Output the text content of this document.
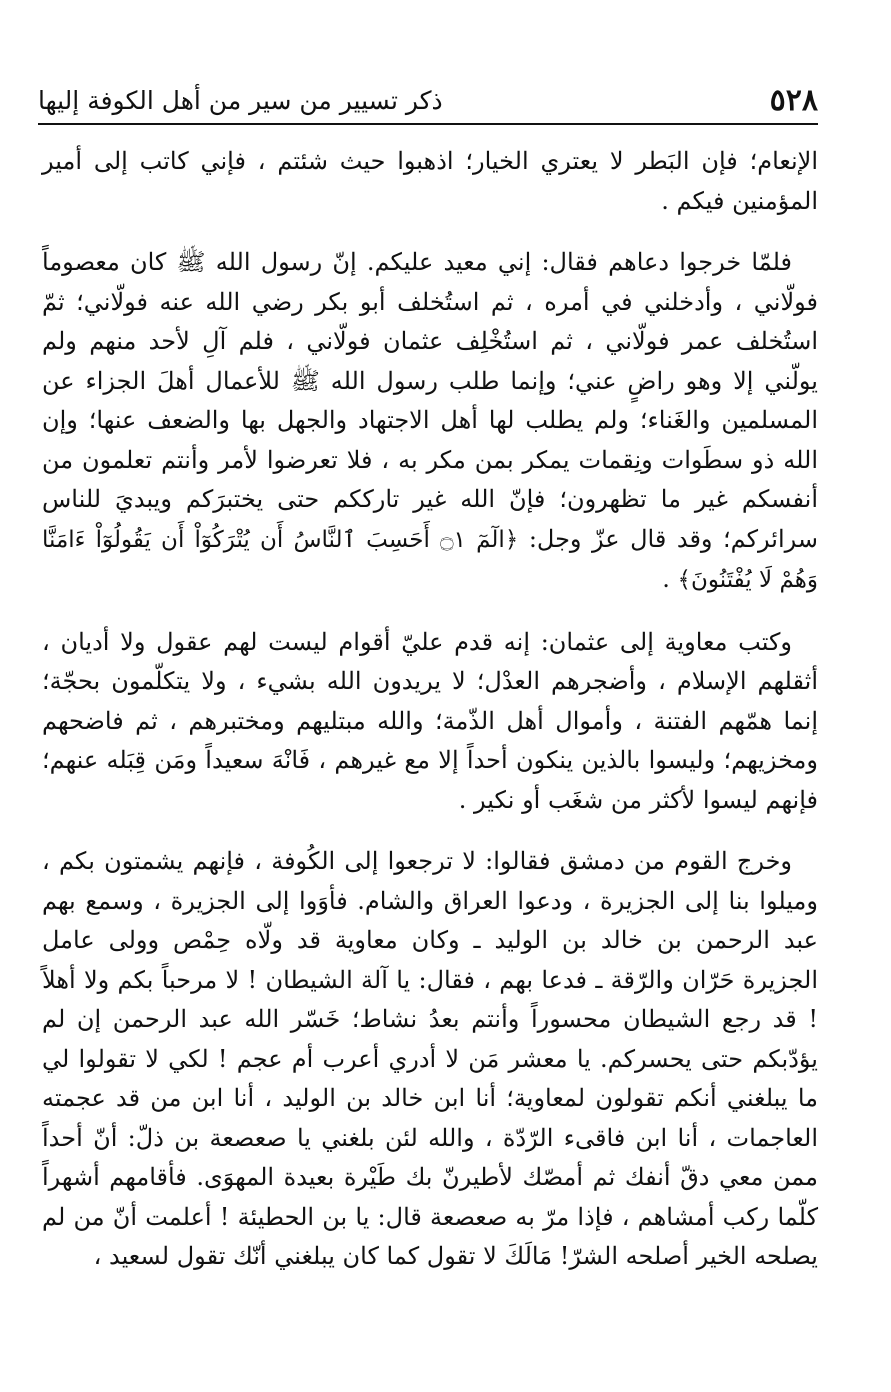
٥٢٨
ذكر تسيير من سير من أهل الكوفة إليها

الإنعام؛ فإن البَطر لا يعتري الخيار؛ اذهبوا حيث شئتم ، فإني كاتب إلى أمير المؤمنين فيكم .

فلمّا خرجوا دعاهم فقال: إني معيد عليكم. إنّ رسول الله ﷺ كان معصوماً فولّاني ، وأدخلني في أمره ، ثم استُخلف أبو بكر رضي الله عنه فولّاني؛ ثمّ استُخلف عمر فولّاني ، ثم استُخْلِف عثمان فولّاني ، فلم آلِ لأحد منهم ولم يولّني إلا وهو راضٍ عني؛ وإنما طلب رسول الله ﷺ للأعمال أهلَ الجزاء عن المسلمين والغَناء؛ ولم يطلب لها أهل الاجتهاد والجهل بها والضعف عنها؛ وإن الله ذو سطَوات ونِقمات يمكر بمن مكر به ، فلا تعرضوا لأمر وأنتم تعلمون من أنفسكم غير ما تظهرون؛ فإنّ الله غير تارككم حتى يختبرَكم ويبديَ للناس سرائركم؛ وقد قال عزّ وجل: ﴿الٓمٓ ۝١ أَحَسِبَ ٱلنَّاسُ أَن يُتْرَكُوٓاْ أَن يَقُولُوٓاْ ءَامَنَّا وَهُمْ لَا يُفْتَنُونَ﴾ .

وكتب معاوية إلى عثمان: إنه قدم عليّ أقوام ليست لهم عقول ولا أديان ، أثقلهم الإسلام ، وأضجرهم العدْل؛ لا يريدون الله بشيء ، ولا يتكلّمون بحجّة؛ إنما همّهم الفتنة ، وأموال أهل الذّمة؛ والله مبتليهم ومختبرهم ، ثم فاضحهم ومخزيهم؛ وليسوا بالذين ينكون أحداً إلا مع غيرهم ، فَانْهَ سعيداً ومَن قِبَله عنهم؛ فإنهم ليسوا لأكثر من شغَب أو نكير .

وخرج القوم من دمشق فقالوا: لا ترجعوا إلى الكُوفة ، فإنهم يشمتون بكم ، وميلوا بنا إلى الجزيرة ، ودعوا العراق والشام. فأوَوا إلى الجزيرة ، وسمع بهم عبد الرحمن بن خالد بن الوليد ـ وكان معاوية قد ولّاه حِمْص وولى عامل الجزيرة حَرّان والرّقة ـ فدعا بهم ، فقال: يا آلة الشيطان ! لا مرحباً بكم ولا أهلاً ! قد رجع الشيطان محسوراً وأنتم بعدُ نشاط؛ خَسّر الله عبد الرحمن إن لم يؤدّبكم حتى يحسركم. يا معشر مَن لا أدري أعرب أم عجم ! لكي لا تقولوا لي ما يبلغني أنكم تقولون لمعاوية؛ أنا ابن خالد بن الوليد ، أنا ابن من قد عجمته العاجمات ، أنا ابن فاقىء الرّدّة ، والله لئن بلغني يا صعصعة بن ذلّ: أنّ أحداً ممن معي دقّ أنفك ثم أمصّك لأطيرنّ بك طَيْرة بعيدة المهوَى. فأقامهم أشهراً كلّما ركب أمشاهم ، فإذا مرّ به صعصعة قال: يا بن الحطيئة ! أعلمت أنّ من لم يصلحه الخير أصلحه الشرّ! مَالَكَ لا تقول كما كان يبلغني أنّك تقول لسعيد ،
